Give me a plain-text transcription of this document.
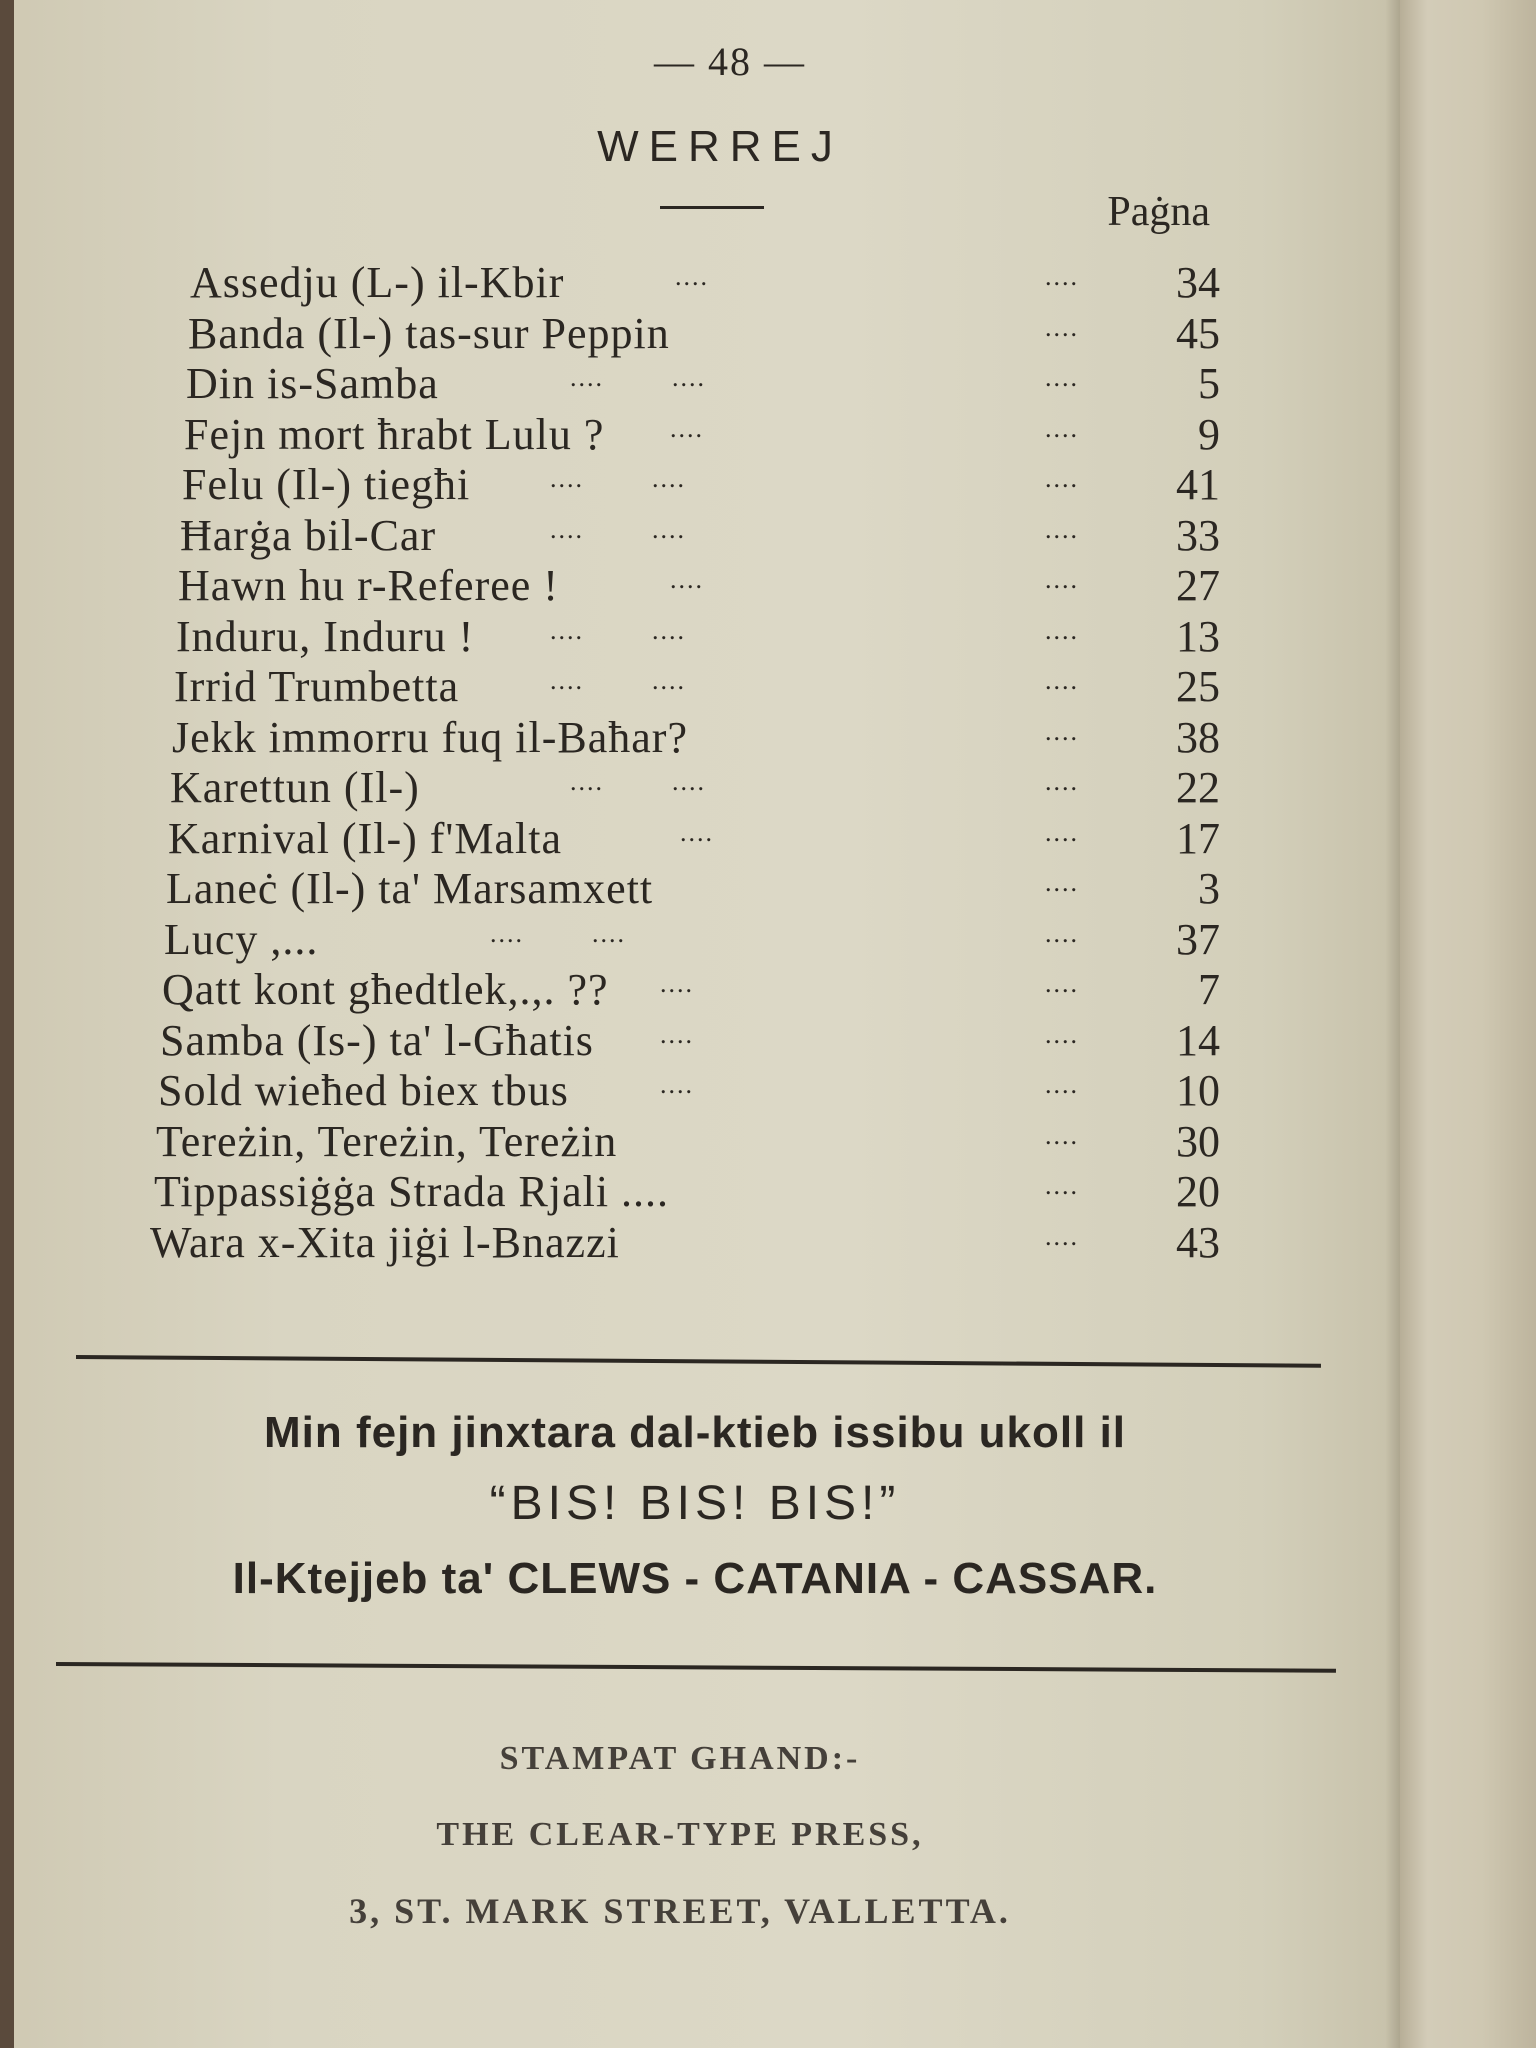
— 48 —
WERREJ
Paġna
Assedju (L-) il-Kbir	....	....	34
Banda (Il-) tas-sur Peppin	....	45
Din is-Samba	....        ....	....	5
Fejn mort ħrabt Lulu ?	....	....	9
Felu (Il-) tiegħi	....        ....	....	41
Ħarġa bil-Car	....        ....	....	33
Hawn hu r-Referee !	....	....	27
Induru, Induru !	....        ....	....	13
Irrid Trumbetta	....        ....	....	25
Jekk immorru fuq il-Baħar?	....	38
Karettun (Il-)	....        ....	....	22
Karnival (Il-) f'Malta	....	....	17
Laneċ (Il-) ta' Marsamxett	....	3
Lucy ,...	....        ....	....	37
Qatt kont għedtlek,.,. ?? ....	....	7
Samba (Is-) ta' l-Għatis	....	....	14
Sold wieħed biex tbus	....	....	10
Tereżin, Tereżin, Tereżin	....	30
Tippassiġġa Strada Rjali ....	....	20
Wara x-Xita jiġi l-Bnazzi	....	43
Min fejn jinxtara dal-ktieb issibu ukoll il
“BIS! BIS! BIS!”
Il-Ktejjeb ta' CLEWS - CATANIA - CASSAR.
STAMPAT GHAND:-
THE CLEAR-TYPE PRESS,
3, ST. MARK STREET, VALLETTA.
